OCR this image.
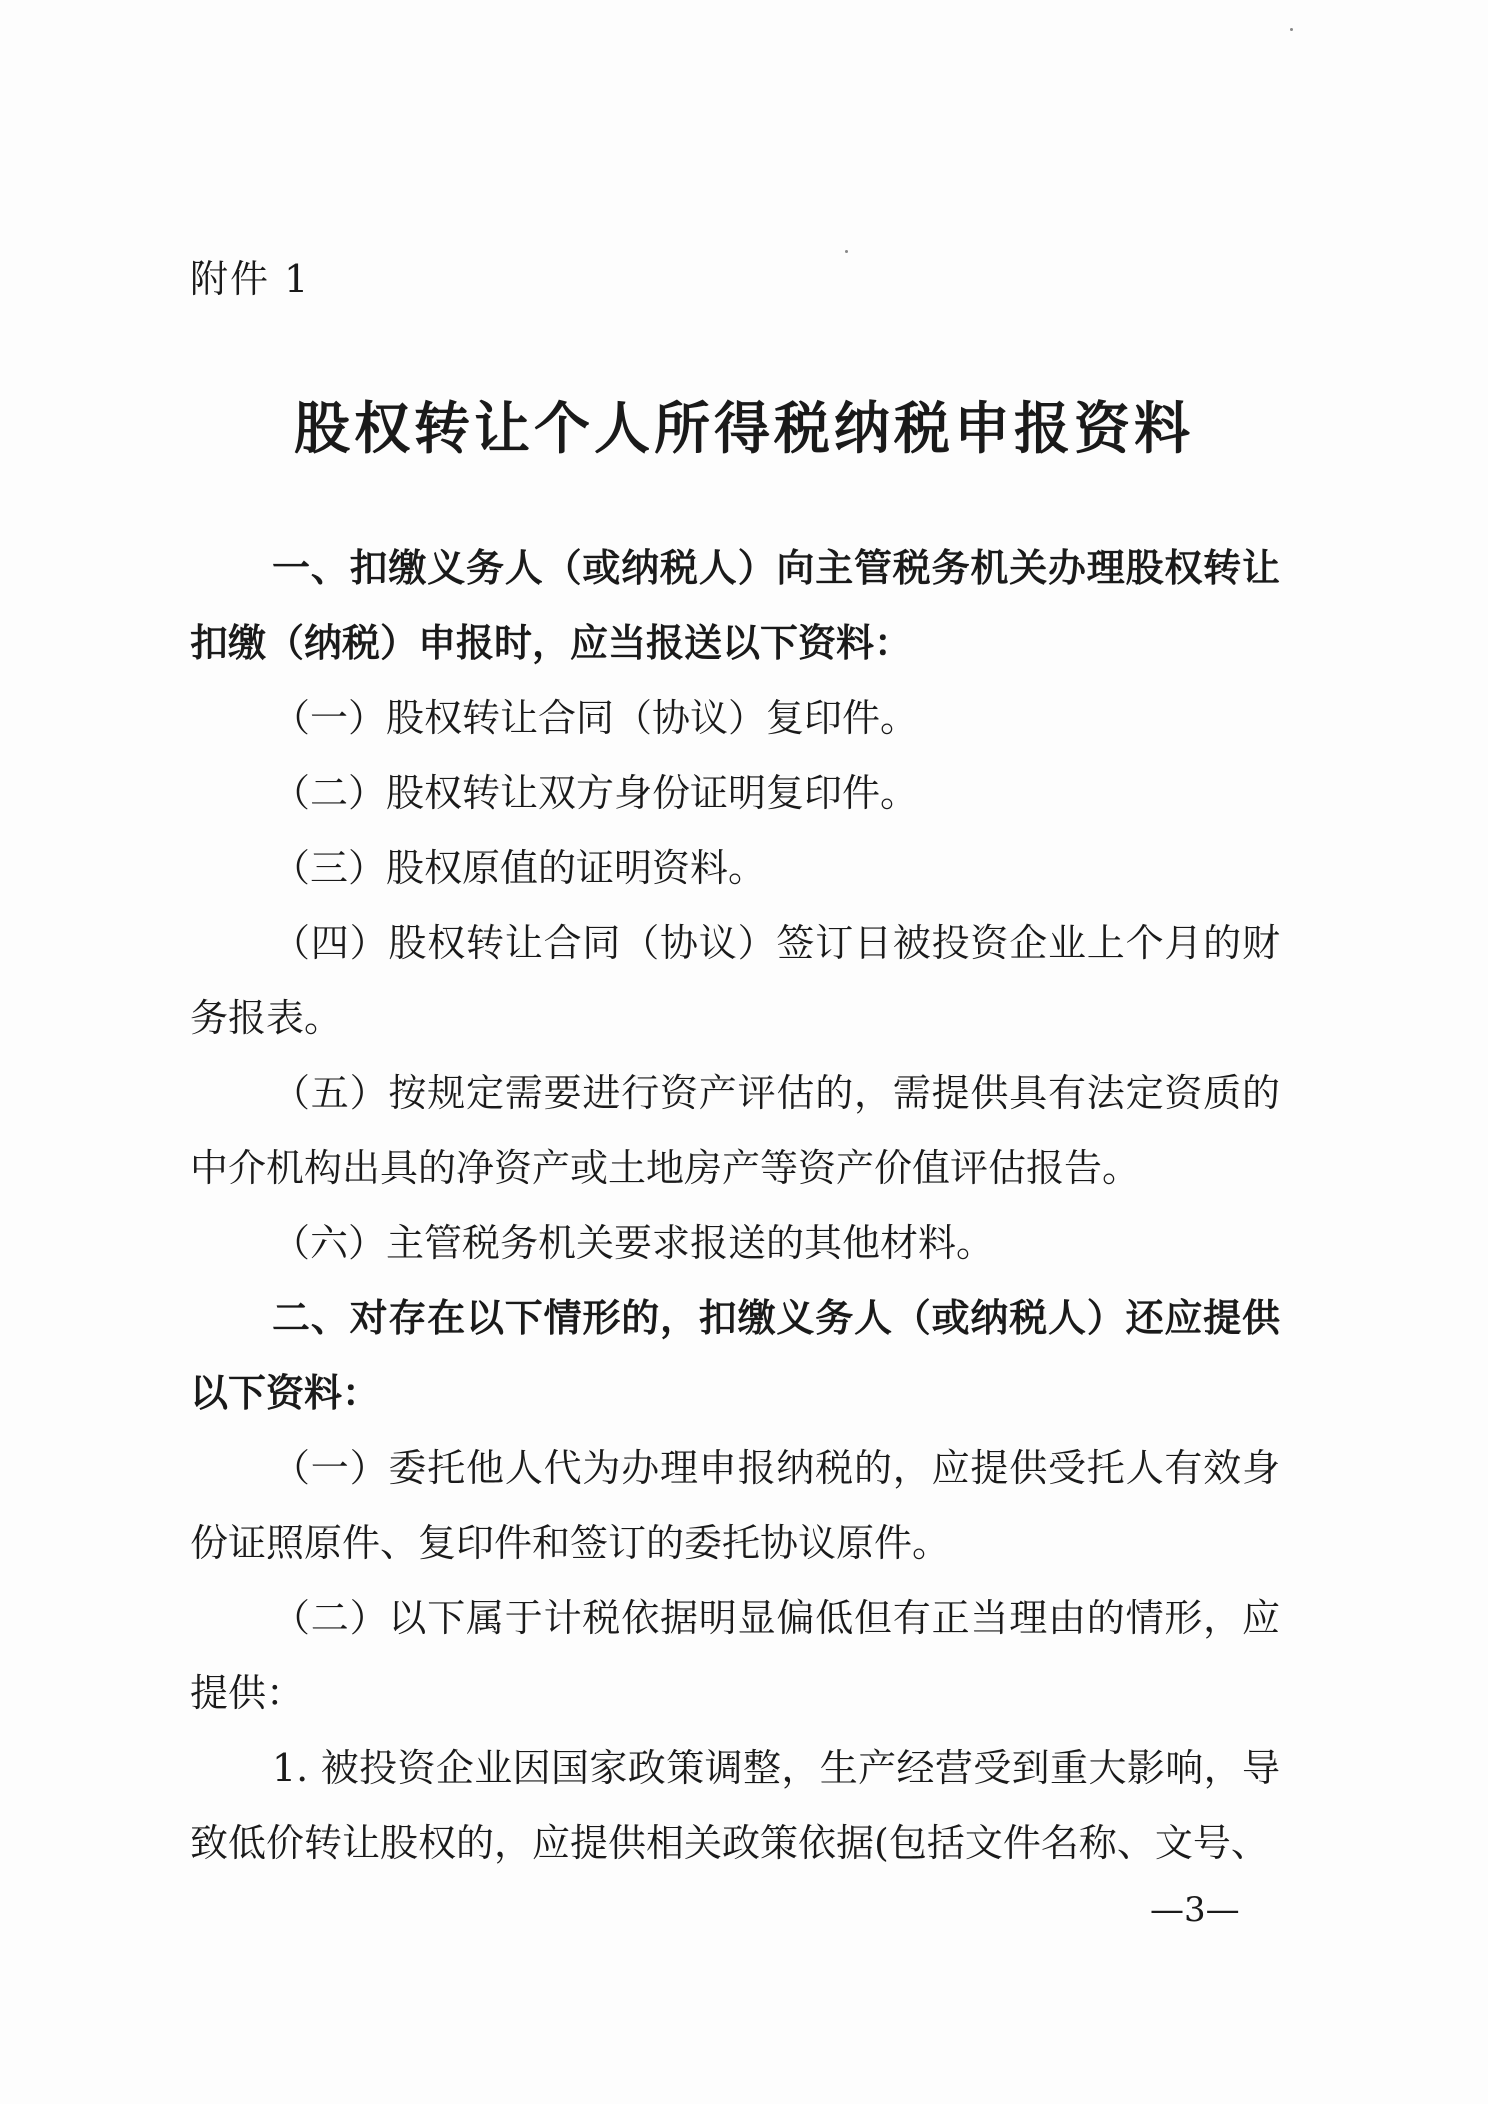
附件 1
股权转让个人所得税纳税申报资料
一、扣缴义务人（或纳税人）向主管税务机关办理股权转让
扣缴（纳税）申报时，应当报送以下资料：
（一）股权转让合同（协议）复印件。
（二）股权转让双方身份证明复印件。
（三）股权原值的证明资料。
（四）股权转让合同（协议）签订日被投资企业上个月的财
务报表。
（五）按规定需要进行资产评估的，需提供具有法定资质的
中介机构出具的净资产或土地房产等资产价值评估报告。
（六）主管税务机关要求报送的其他材料。
二、对存在以下情形的，扣缴义务人（或纳税人）还应提供
以下资料：
（一）委托他人代为办理申报纳税的，应提供受托人有效身
份证照原件、复印件和签订的委托协议原件。
（二）以下属于计税依据明显偏低但有正当理由的情形，应
提供：
1. 被投资企业因国家政策调整，生产经营受到重大影响，导
致低价转让股权的，应提供相关政策依据(包括文件名称、文号、
—3—
